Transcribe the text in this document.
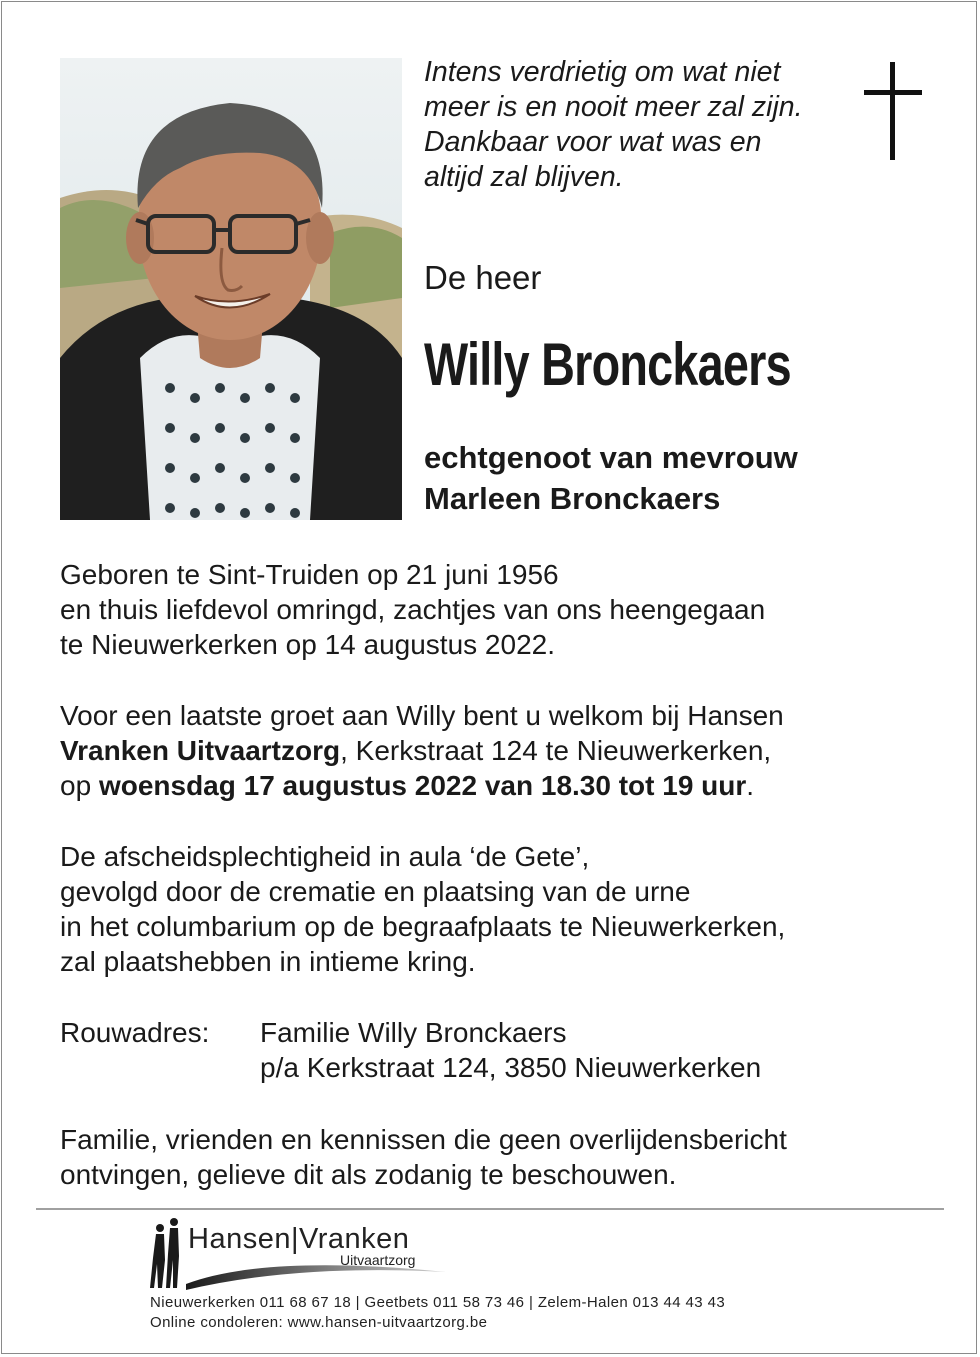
Intens verdrietig om wat niet
meer is en nooit meer zal zijn.
Dankbaar voor wat was en
altijd zal blijven.
De heer
Willy Bronckaers
echtgenoot van mevrouw
Marleen Bronckaers
Geboren te Sint-Truiden op 21 juni 1956
en thuis liefdevol omringd, zachtjes van ons heengegaan
te Nieuwerkerken op 14 augustus 2022.
Voor een laatste groet aan Willy bent u welkom bij Hansen
Vranken Uitvaartzorg, Kerkstraat 124 te Nieuwerkerken,
op woensdag 17 augustus 2022 van 18.30 tot 19 uur.
De afscheidsplechtigheid in aula ‘de Gete’,
gevolgd door de crematie en plaatsing van de urne
in het columbarium op de begraafplaats te Nieuwerkerken,
zal plaatshebben in intieme kring.
Rouwadres: Familie Willy Bronckaers
p/a Kerkstraat 124, 3850 Nieuwerkerken
Familie, vrienden en kennissen die geen overlijdensbericht
ontvingen, gelieve dit als zodanig te beschouwen.
Hansen|Vranken
Uitvaartzorg
Nieuwerkerken 011 68 67 18 | Geetbets 011 58 73 46 | Zelem-Halen 013 44 43 43
Online condoleren: www.hansen-uitvaartzorg.be
